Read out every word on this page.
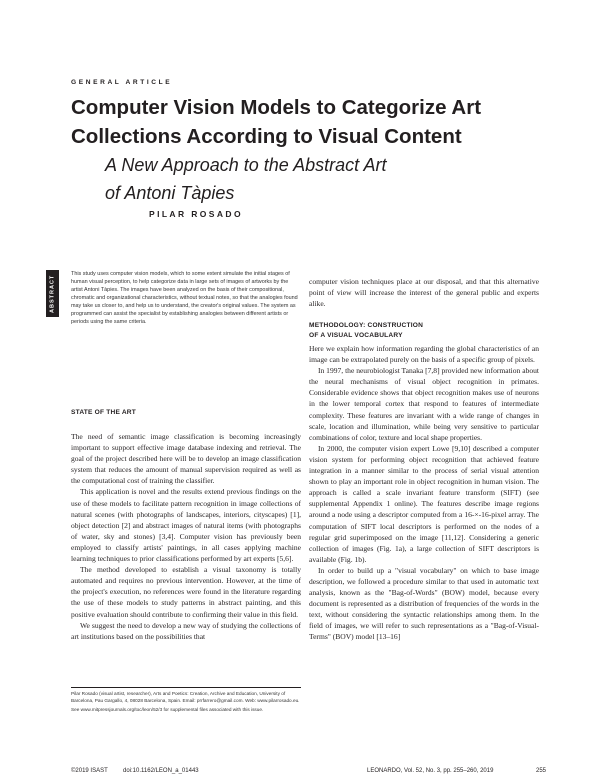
GENERAL ARTICLE
Computer Vision Models to Categorize Art
Collections According to Visual Content
A New Approach to the Abstract Art
of Antoni Tàpies
PILAR ROSADO
ABSTRACT
This study uses computer vision models, which to some extent simulate the initial stages of human visual perception, to help categorize data in large sets of images of artworks by the artist Antoni Tàpies. The images have been analyzed on the basis of their compositional, chromatic and organizational characteristics, without textual notes, so that the analogies found may take us closer to, and help us to understand, the creator's original values. The system as programmed can assist the specialist by establishing analogies between different artists or periods using the same criteria.
STATE OF THE ART

The need of semantic image classification is becoming increasingly important to support effective image database indexing and retrieval. The goal of the project described here will be to develop an image classification system that reduces the amount of manual supervision required as well as the computational cost of training the classifier.

This application is novel and the results extend previous findings on the use of these models to facilitate pattern recognition in image collections of natural scenes (with photographs of landscapes, interiors, cityscapes) [1], object detection [2] and abstract images of natural items (with photographs of water, sky and stones) [3,4]. Computer vision has previously been employed to classify artists' paintings, in all cases applying machine learning techniques to prior classifications performed by art experts [5,6].

The method developed to establish a visual taxonomy is totally automated and requires no previous intervention. However, at the time of the project's execution, no references were found in the literature regarding the use of these models to study patterns in abstract painting, and this positive evaluation should contribute to confirming their value in this field.

We suggest the need to develop a new way of studying the collections of art institutions based on the possibilities that

computer vision techniques place at our disposal, and that this alternative point of view will increase the interest of the general public and experts alike.

METHODOLOGY: CONSTRUCTION
OF A VISUAL VOCABULARY

Here we explain how information regarding the global characteristics of an image can be extrapolated purely on the basis of a specific group of pixels.

In 1997, the neurobiologist Tanaka [7,8] provided new information about the neural mechanisms of visual object recognition in primates. Considerable evidence shows that object recognition makes use of neurons in the lower temporal cortex that respond to features of intermediate complexity. These features are invariant with a wide range of changes in scale, location and illumination, while being very sensitive to particular combinations of color, texture and local shape properties.

In 2000, the computer vision expert Lowe [9,10] described a computer vision system for performing object recognition that achieved feature integration in a manner similar to the process of serial visual attention shown to play an important role in object recognition in human vision. The approach is called a scale invariant feature transform (SIFT) (see supplemental Appendix 1 online). The features describe image regions around a node using a descriptor computed from a 16-×-16-pixel array. The computation of SIFT local descriptors is performed on the nodes of a regular grid superimposed on the image [11,12]. Considering a generic collection of images (Fig. 1a), a large collection of SIFT descriptors is available (Fig. 1b).

In order to build up a "visual vocabulary" on which to base image description, we followed a procedure similar to that used in automatic text analysis, known as the "Bag-of-Words" (BOW) model, because every document is represented as a distribution of frequencies of the words in the text, without considering the syntactic relationships among them. In the field of images, we will refer to such representations as a "Bag-of-Visual-Terms" (BOV) model [13–16]

Pilar Rosado (visual artist, researcher), Arts and Poetics: Creation, Archive and Education, University of Barcelona, Pau Gargallo, 4, 08028 Barcelona, Spain. Email: prrfarrero@gmail.com. Web: www.pilarrosado.eu.

See www.mitpressjournals.org/toc/leon/52/3 for supplemental files associated with this issue.

©2019 ISAST	doi:10.1162/LEON_a_01443	LEONARDO, Vol. 52, No. 3, pp. 255–260, 2019	255
